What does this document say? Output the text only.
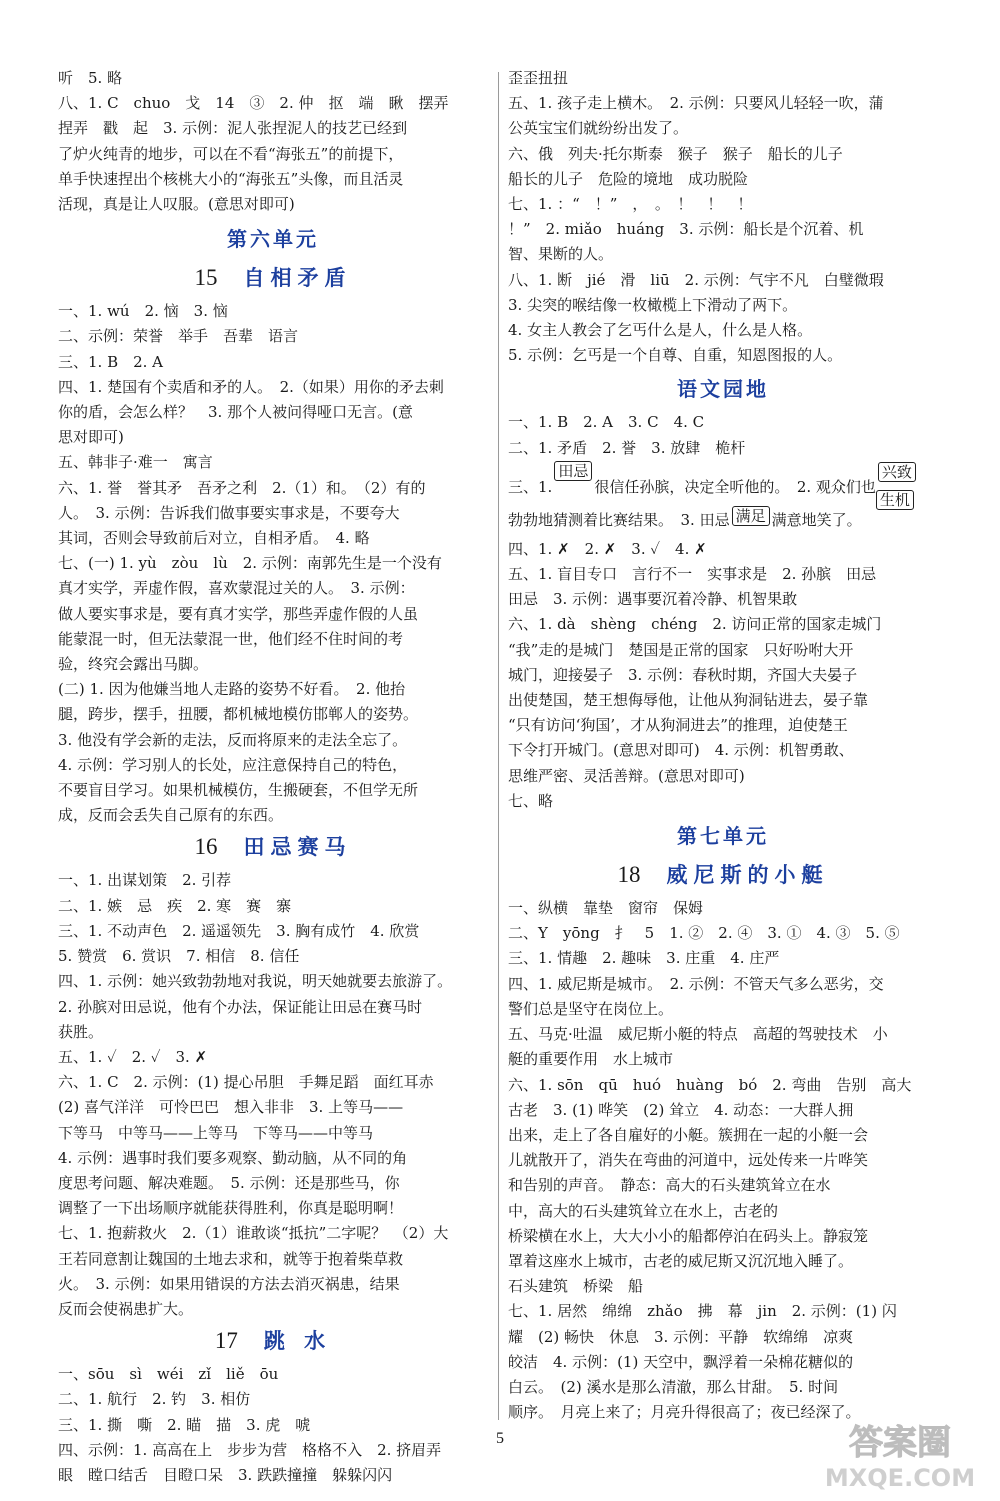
听　5. 略
八、1. C　chuo　戈　14　③　2. 仲　抠　端　瞅　摆弄
捏弄　戳　起　3. 示例：泥人张捏泥人的技艺已经到
了炉火纯青的地步，可以在不看“海张五”的前提下，
单手快速捏出个核桃大小的“海张五”头像，而且活灵
活现，真是让人叹服。(意思对即可)
第六单元
15 自相矛盾
一、1. wú　2. 恼　3. 恼
二、示例：荣誉　举手　吾辈　语言
三、1. B　2. A
四、1. 楚国有个卖盾和矛的人。　2.（如果）用你的矛去刺
你的盾，会怎么样？　3. 那个人被问得哑口无言。(意
思对即可)
五、韩非子·难一　寓言
六、1. 誉　誉其矛　吾矛之利　2.（1）和。　（2）有的
人。　3. 示例：告诉我们做事要实事求是，不要夸大
其词，否则会导致前后对立，自相矛盾。　4. 略
七、(一) 1. yù　zòu　lù　2. 示例：南郭先生是一个没有
真才实学，弄虚作假，喜欢蒙混过关的人。　3. 示例：
做人要实事求是，要有真才实学，那些弄虚作假的人虽
能蒙混一时，但无法蒙混一世，他们经不住时间的考
验，终究会露出马脚。
(二) 1. 因为他嫌当地人走路的姿势不好看。　2. 他抬
腿，跨步，摆手，扭腰，都机械地模仿邯郸人的姿势。
3. 他没有学会新的走法，反而将原来的走法全忘了。
4. 示例：学习别人的长处，应注意保持自己的特色，
不要盲目学习。如果机械模仿，生搬硬套，不但学无所
成，反而会丢失自己原有的东西。
16 田忌赛马
一、1. 出谋划策　2. 引荐
二、1. 嫉　忌　疾　2. 寒　赛　寨
三、1. 不动声色　2. 遥遥领先　3. 胸有成竹　4. 欣赏
5. 赞赏　6. 赏识　7. 相信　8. 信任
四、1. 示例：她兴致勃勃地对我说，明天她就要去旅游了。
2. 孙膑对田忌说，他有个办法，保证能让田忌在赛马时
获胜。
五、1. ✓　2. ✓　3. ✗
六、1. C　2. 示例：(1) 提心吊胆　手舞足蹈　面红耳赤
(2) 喜气洋洋　可怜巴巴　想入非非　3. 上等马——
下等马　中等马——上等马　下等马——中等马
4. 示例：遇事时我们要多观察、勤动脑，从不同的角
度思考问题、解决难题。　5. 示例：还是那些马，你
调整了一下出场顺序就能获得胜利，你真是聪明啊！
七、1. 抱薪救火　2.（1）谁敢谈“抵抗”二字呢？　（2）大
王若同意割让魏国的土地去求和，就等于抱着柴草救
火。　3. 示例：如果用错误的方法去消灭祸患，结果
反而会使祸患扩大。
17 跳 水
一、sōu　sì　wéi　zǐ　liě　ōu
二、1. 航行　2. 钓　3. 相仿
三、1. 撕　嘶　2. 瞄　描　3. 虎　唬
四、示例：1. 高高在上　步步为营　格格不入　2. 挤眉弄
眼　瞠口结舌　目瞪口呆　3. 跌跌撞撞　躲躲闪闪
歪歪扭扭
五、1. 孩子走上横木。　2. 示例：只要风儿轻轻一吹，蒲
公英宝宝们就纷纷出发了。
六、俄　列夫·托尔斯泰　猴子　猴子　船长的儿子
船长的儿子　危险的境地　成功脱险
七、1. ：“　！”　，　。　！　！　！
！”　2. miǎo　huáng　3. 示例：船长是个沉着、机
智、果断的人。
八、1. 断　jié　滑　liū　2. 示例：气宇不凡　白璧微瑕
3. 尖突的喉结像一枚橄榄上下滑动了两下。
4. 女主人教会了乞丐什么是人，什么是人格。
5. 示例：乞丐是一个自尊、自重，知恩图报的人。
语文园地
一、1. B　2. A　3. C　4. C
二、1. 矛盾　2. 誉　3. 放肆　桅杆
三、1.田忌很信任孙膑，决定全听他的。　2. 观众们也
兴致
生机
勃勃地猜测着比赛结果。　3. 田忌 满足 满意地笑了。
四、1. ✗　2. ✗　3. ✓　4. ✗
五、1. 盲目专口　言行不一　实事求是　2. 孙膑　田忌
田忌　3. 示例：遇事要沉着冷静、机智果敢
六、1. dà　shèng　chéng　2. 访问正常的国家走城门
“我”走的是城门　楚国是正常的国家　只好吩咐大开
城门，迎接晏子　3. 示例：春秋时期，齐国大夫晏子
出使楚国，楚王想侮辱他，让他从狗洞钻进去，晏子靠
“只有访问‘狗国’，才从狗洞进去”的推理，迫使楚王
下令打开城门。(意思对即可)　4. 示例：机智勇敢、
思维严密、灵活善辩。(意思对即可)
七、略
第七单元
18 威尼斯的小艇
一、纵横　靠垫　窗帘　保姆
二、Y　yōng　扌　5　1. ②　2. ④　3. ①　4. ③　5. ⑤
三、1. 情趣　2. 趣味　3. 庄重　4. 庄严
四、1. 威尼斯是城市。　2. 示例：不管天气多么恶劣，交
警们总是坚守在岗位上。
五、马克·吐温　威尼斯小艇的特点　高超的驾驶技术　小
艇的重要作用　水上城市
六、1. sōn　qū　huó　huàng　bó　2. 弯曲　告别　高大
古老　3. (1) 哗笑　(2) 耸立　4. 动态：一大群人拥
出来，走上了各自雇好的小艇。簇拥在一起的小艇一会
儿就散开了，消失在弯曲的河道中，远处传来一片哗笑
和告别的声音。　静态：高大的石头建筑耸立在水
中，高大的石头建筑耸立在水上，古老的
桥梁横在水上，大大小小的船都停泊在码头上。静寂笼
罩着这座水上城市，古老的威尼斯又沉沉地入睡了。
石头建筑　桥梁　船
七、1. 居然　绵绵　zhǎo　拂　幕　jin　2. 示例：(1) 闪
耀　(2) 畅快　休息　3. 示例：平静　软绵绵　凉爽
皎洁　4. 示例：(1) 天空中，飘浮着一朵棉花糖似的
白云。　(2) 溪水是那么清澈，那么甘甜。　5. 时间
顺序。　月亮上来了；月亮升得很高了；夜已经深了。
5	答案圈
MXQE.COM
